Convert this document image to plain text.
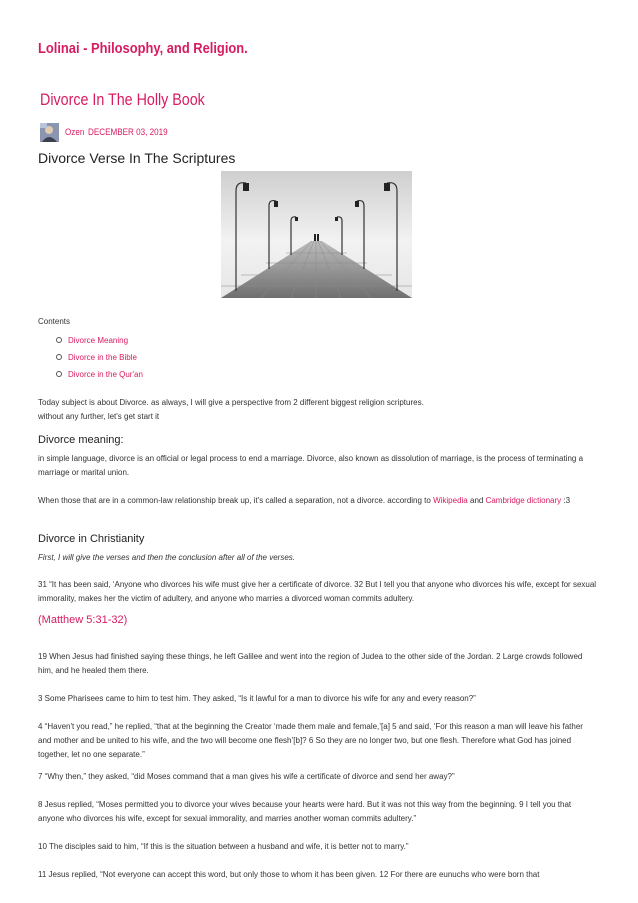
Lolinai - Philosophy, and Religion.
Divorce In The Holly Book
Ozen DECEMBER 03, 2019
Divorce Verse In The Scriptures
Contents
Divorce Meaning
Divorce in the Bible
Divorce in the Qur'an

Today subject is about Divorce. as always, I will give a perspective from 2 different biggest religion scriptures.
without any further, let's get start it

Divorce meaning:

in simple language, divorce is an official or legal process to end a marriage. Divorce, also known as dissolution of marriage, is the process of terminating a marriage or marital union.

When those that are in a common-law relationship break up, it's called a separation, not a divorce. according to Wikipedia and Cambridge dictionary :3

Divorce in Christianity

First, I will give the verses and then the conclusion after all of the verses.

31 “It has been said, ‘Anyone who divorces his wife must give her a certificate of divorce. 32 But I tell you that anyone who divorces his wife, except for sexual immorality, makes her the victim of adultery, and anyone who marries a divorced woman commits adultery.

(Matthew 5:31-32)

19 When Jesus had finished saying these things, he left Galilee and went into the region of Judea to the other side of the Jordan. 2 Large crowds followed him, and he healed them there.

3 Some Pharisees came to him to test him. They asked, “Is it lawful for a man to divorce his wife for any and every reason?”

4 “Haven't you read,” he replied, “that at the beginning the Creator ‘made them male and female,’[a] 5 and said, ‘For this reason a man will leave his father and mother and be united to his wife, and the two will become one flesh’[b]? 6 So they are no longer two, but one flesh. Therefore what God has joined together, let no one separate.”

7 “Why then,” they asked, “did Moses command that a man gives his wife a certificate of divorce and send her away?”

8 Jesus replied, “Moses permitted you to divorce your wives because your hearts were hard. But it was not this way from the beginning. 9 I tell you that anyone who divorces his wife, except for sexual immorality, and marries another woman commits adultery.”

10 The disciples said to him, “If this is the situation between a husband and wife, it is better not to marry.”

11 Jesus replied, “Not everyone can accept this word, but only those to whom it has been given. 12 For there are eunuchs who were born that
